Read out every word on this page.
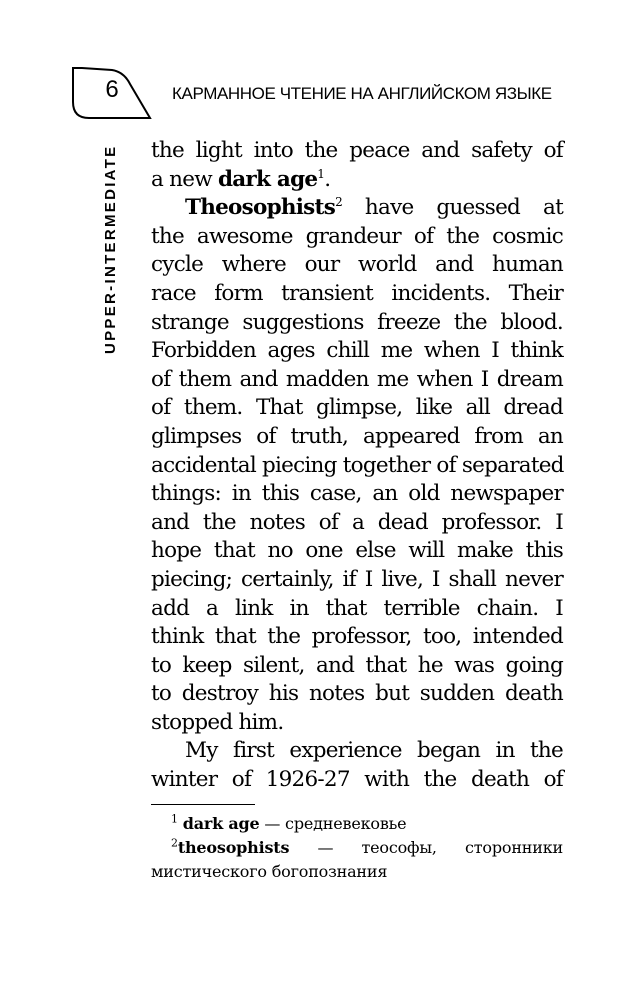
6	КАРМАННОЕ ЧТЕНИЕ НА АНГЛИЙСКОМ ЯЗЫКЕ
UPPER-INTERMEDIATE the light into the peace and safety of
a new dark age$^1$.
Theosophists$^2$ have guessed at
the awesome grandeur of the cosmic
cycle where our world and human
race form transient incidents. Their
strange suggestions freeze the blood.
Forbidden ages chill me when I think
of them and madden me when I dream
of them. That glimpse, like all dread
glimpses of truth, appeared from an
accidental piecing together of separated
things: in this case, an old newspaper
and the notes of a dead professor. I
hope that no one else will make this
piecing; certainly, if I live, I shall never
add a link in that terrible chain. I
think that the professor, too, intended
to keep silent, and that he was going
to destroy his notes but sudden death
stopped him.
My first experience began in the
winter of 1926-27 with the death of
$^1$ dark age — средневековье
$^2$theosophists — теософы, сторонники
мистического богопознания
